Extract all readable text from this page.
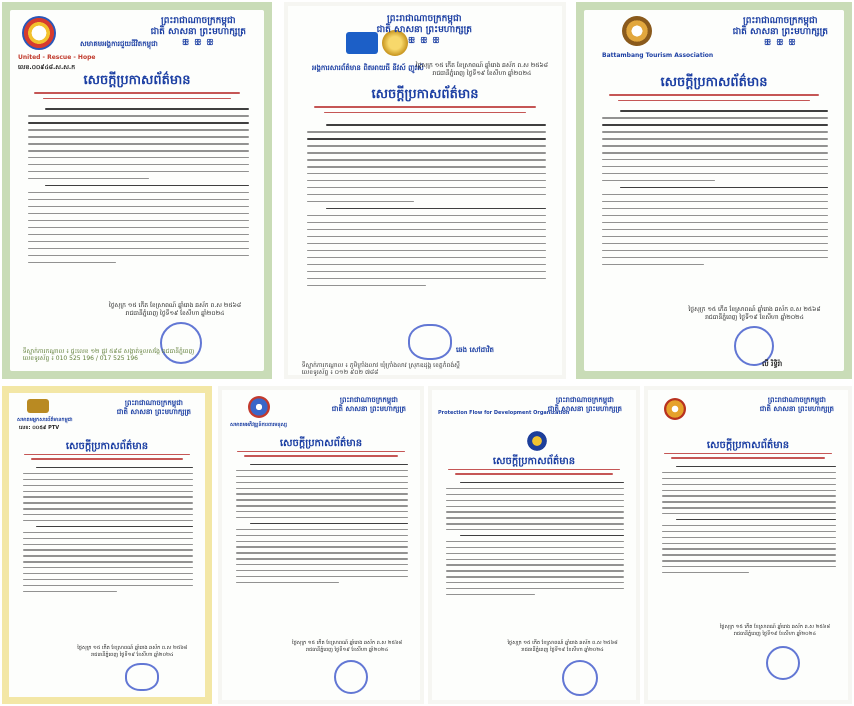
United - Rescue - Hope
លេខ.០០៩៤៨.ស.ស.ក
ព្រះរាជាណាចក្រកម្ពុជា
ជាតិ សាសនា ព្រះមហាក្សត្រ
ꕥ ꕥ ꕥ
សមាគមអង្គការជួយជីវិតកម្ពុជា
សេចក្តីប្រកាសព័ត៌មាន
ថ្ងៃសុក្រ ១៥ កើត ខែស្រាពណ៍ ឆ្នាំរោង ឆស័ក ព.ស ២៥៦៨
រាជធានីភ្នំពេញ ថ្ងៃទី១៩ ខែសីហា ឆ្នាំ២០២៤
ទីស្នាក់ការកណ្តាល ៖ ផ្ទះលេខ ១២ ផ្លូវ ៥៩៨ សង្កាត់ទួលសង្កែ រាជធានីភ្នំពេញ
លេខទូរស័ព្ទ ៖ 010 525 196 / 017 525 196
ព្រះរាជាណាចក្រកម្ពុជា
ជាតិ សាសនា ព្រះមហាក្សត្រ
ꕥ ꕥ ꕥ
អង្គការសារព័ត៌មាន ពិតអាយធី នីវស៍ ញូវស៍
ថ្ងៃសុក្រ ១៥ កើត ខែស្រាពណ៍ ឆ្នាំរោង ឆស័ក ព.ស ២៥៦៨
រាជធានីភ្នំពេញ ថ្ងៃទី១៩ ខែសីហា ឆ្នាំ២០២៤
សេចក្តីប្រកាសព័ត៌មាន
ឆេង សៅដាវិត
ទីស្នាក់ការកណ្តាល ៖ ភូមិក្រាំងលាវ ឃុំក្រាំងលាវ ស្រុកឧដុង្គ ខេត្តកំពង់ស្ពឺ
លេខទូរស័ព្ទ ៖ ០១២ ៩០២ ៧៨៨
Battambang Tourism Association
ព្រះរាជាណាចក្រកម្ពុជា
ជាតិ សាសនា ព្រះមហាក្សត្រ
ꕥ ꕥ ꕥ
សេចក្តីប្រកាសព័ត៌មាន
ថ្ងៃសុក្រ ១៥ កើត ខែស្រាពណ៍ ឆ្នាំរោង ឆស័ក ព.ស ២៥៦៨
រាជធានីភ្នំពេញ ថ្ងៃទី១៩ ខែសីហា ឆ្នាំ២០២៤
លី រិទ្ធិរ៉ា
សមាគមអ្នកសារព័ត៌មានកម្ពុជា
លេខ: ០០៥៩ PTV
ព្រះរាជាណាចក្រកម្ពុជា
ជាតិ សាសនា ព្រះមហាក្សត្រ
សេចក្តីប្រកាសព័ត៌មាន
ថ្ងៃសុក្រ ១៥ កើត ខែស្រាពណ៍ ឆ្នាំរោង ឆស័ក ព.ស ២៥៦៨
រាជធានីភ្នំពេញ ថ្ងៃទី១៩ ខែសីហា ឆ្នាំ២០២៤
សមាគមអភិវឌ្ឍន៍ការពារមនុស្ស
ព្រះរាជាណាចក្រកម្ពុជា
ជាតិ សាសនា ព្រះមហាក្សត្រ
សេចក្តីប្រកាសព័ត៌មាន
ថ្ងៃសុក្រ ១៥ កើត ខែស្រាពណ៍ ឆ្នាំរោង ឆស័ក ព.ស ២៥៦៨
រាជធានីភ្នំពេញ ថ្ងៃទី១៩ ខែសីហា ឆ្នាំ២០២៤
Protection Flow for Development Organization
ព្រះរាជាណាចក្រកម្ពុជា
ជាតិ សាសនា ព្រះមហាក្សត្រ
សេចក្តីប្រកាសព័ត៌មាន
ថ្ងៃសុក្រ ១៥ កើត ខែស្រាពណ៍ ឆ្នាំរោង ឆស័ក ព.ស ២៥៦៨
រាជធានីភ្នំពេញ ថ្ងៃទី១៩ ខែសីហា ឆ្នាំ២០២៤
ព្រះរាជាណាចក្រកម្ពុជា
ជាតិ សាសនា ព្រះមហាក្សត្រ
សេចក្តីប្រកាសព័ត៌មាន
ថ្ងៃសុក្រ ១៥ កើត ខែស្រាពណ៍ ឆ្នាំរោង ឆស័ក ព.ស ២៥៦៨
រាជធានីភ្នំពេញ ថ្ងៃទី១៩ ខែសីហា ឆ្នាំ២០២៤
